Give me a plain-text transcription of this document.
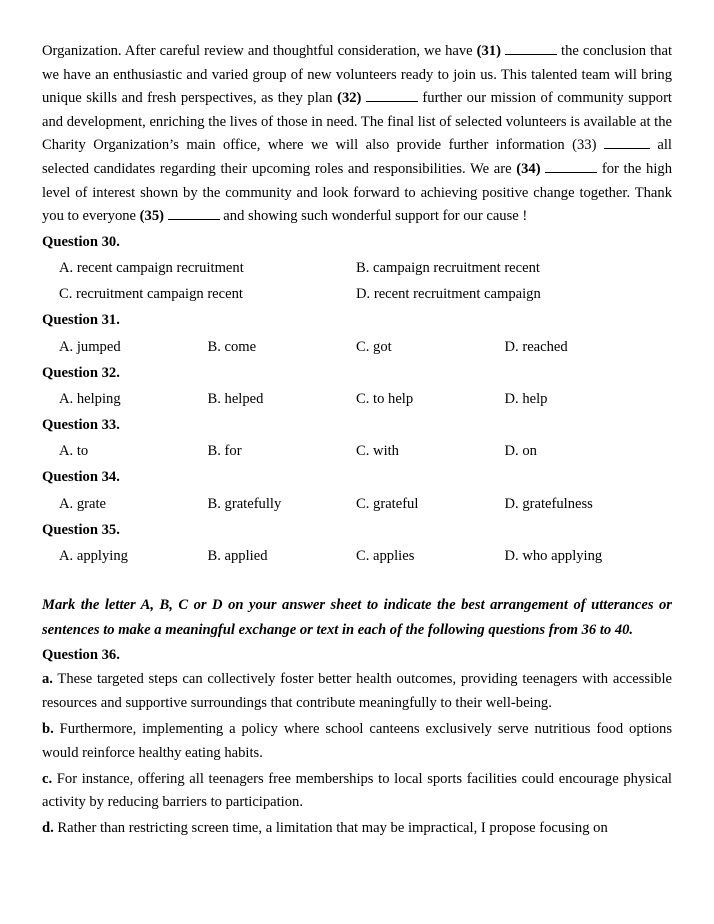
Organization. After careful review and thoughtful consideration, we have (31)	the conclusion that we have an enthusiastic and varied group of new volunteers ready to join us. This talented team will bring unique skills and fresh perspectives, as they plan (32)	further our mission of community support and development, enriching the lives of those in need. The final list of selected volunteers is available at the Charity Organization’s main office, where we will also provide further information (33)	all selected candidates regarding their upcoming roles and responsibilities. We are (34)	for the high level of interest shown by the community and look forward to achieving positive change together. Thank you to everyone (35)	and showing such wonderful support for our cause !

Question 30.
A. recent campaign recruitment	B. campaign recruitment recent
C. recruitment campaign recent	D. recent recruitment campaign
Question 31.
A. jumped	B. come	C. got	D. reached
Question 32.
A. helping	B. helped	C. to help	D. help
Question 33.
A. to	B. for	C. with	D. on
Question 34.
A. grate	B. gratefully	C. grateful	D. gratefulness
Question 35.
A. applying	B. applied	C. applies	D. who applying

Mark the letter A, B, C or D on your answer sheet to indicate the best arrangement of utterances or sentences to make a meaningful exchange or text in each of the following questions from 36 to 40.

Question 36.

a. These targeted steps can collectively foster better health outcomes, providing teenagers with accessible resources and supportive surroundings that contribute meaningfully to their well-being.

b. Furthermore, implementing a policy where school canteens exclusively serve nutritious food options would reinforce healthy eating habits.

c. For instance, offering all teenagers free memberships to local sports facilities could encourage physical activity by reducing barriers to participation.

d. Rather than restricting screen time, a limitation that may be impractical, I propose focusing on
